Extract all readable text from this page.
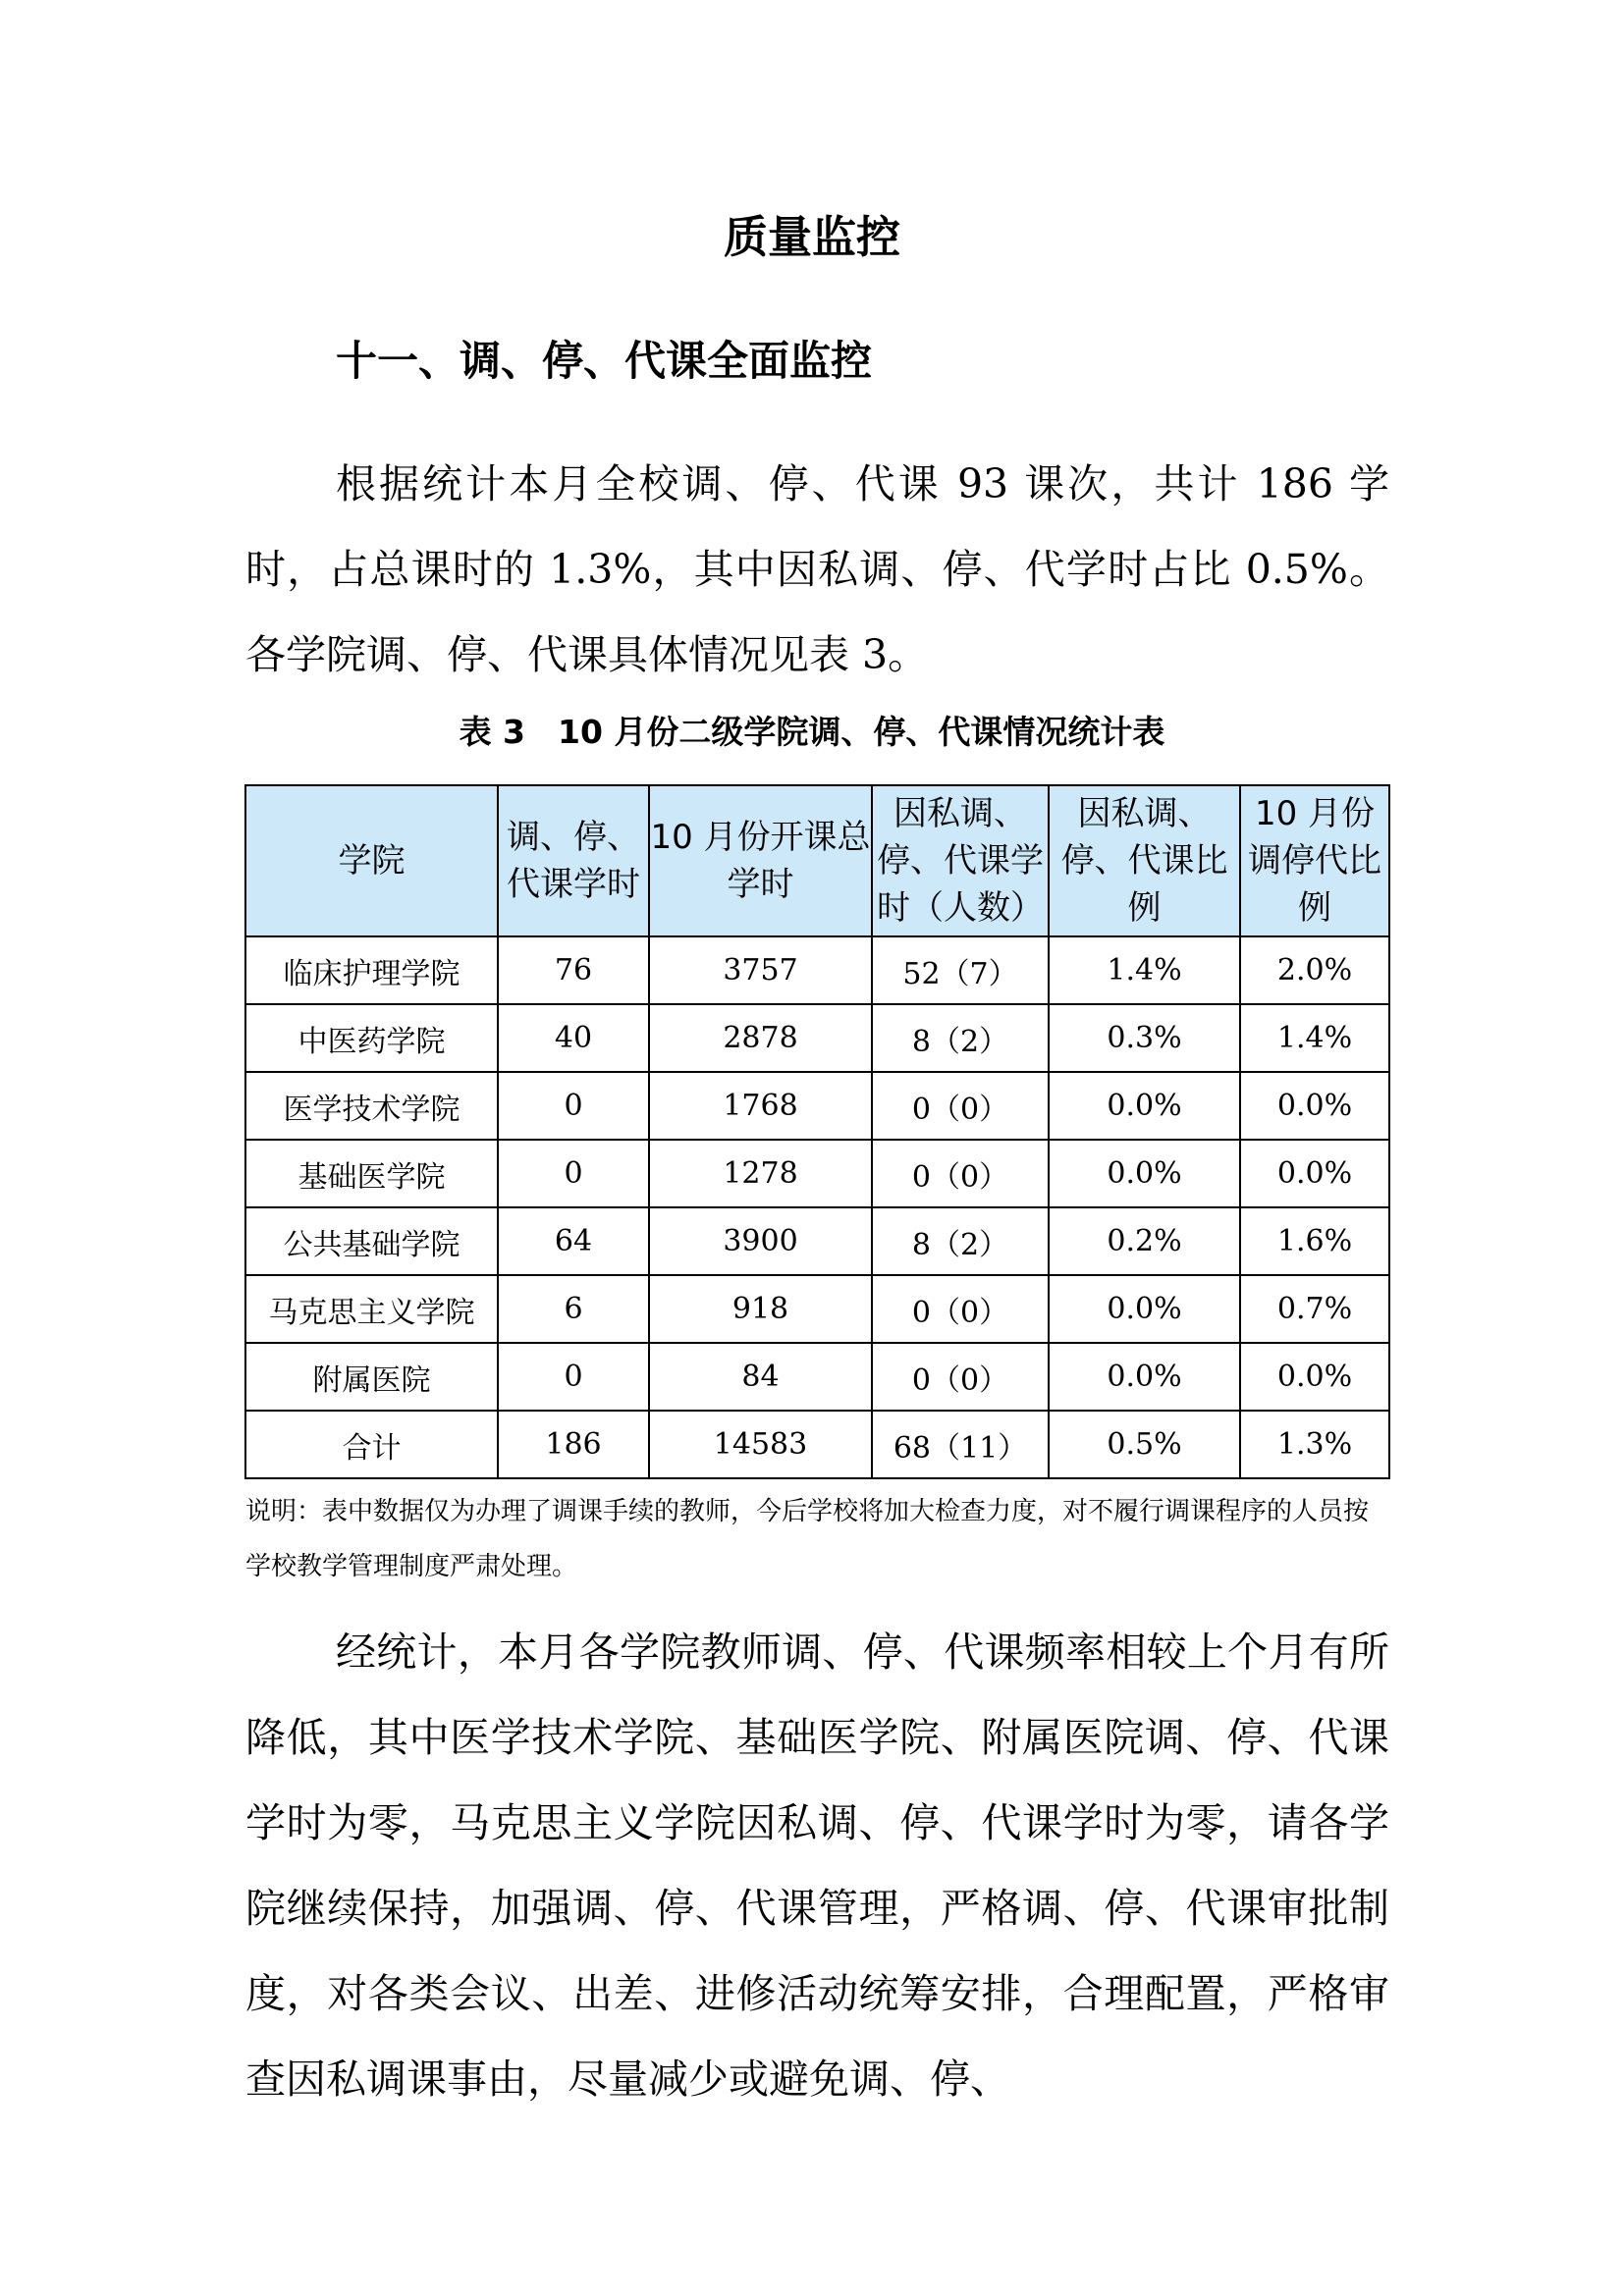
质量监控
十一、调、停、代课全面监控

根据统计本月全校调、停、代课 93 课次，共计 186 学时，占总课时的 1.3%，其中因私调、停、代学时占比 0.5%。各学院调、停、代课具体情况见表 3。

表 3　10 月份二级学院调、停、代课情况统计表
学院	调、停、代课学时	10 月份开课总学时	因私调、停、代课学时（人数）	因私调、停、代课比例	10 月份调停代比例
临床护理学院	76	3757	52（7）	1.4%	2.0%
中医药学院	40	2878	8（2）	0.3%	1.4%
医学技术学院	0	1768	0（0）	0.0%	0.0%
基础医学院	0	1278	0（0）	0.0%	0.0%
公共基础学院	64	3900	8（2）	0.2%	1.6%
马克思主义学院	6	918	0（0）	0.0%	0.7%
附属医院	0	84	0（0）	0.0%	0.0%
合计	186	14583	68（11）	0.5%	1.3%

说明：表中数据仅为办理了调课手续的教师，今后学校将加大检查力度，对不履行调课程序的人员按学校教学管理制度严肃处理。

经统计，本月各学院教师调、停、代课频率相较上个月有所降低，其中医学技术学院、基础医学院、附属医院调、停、代课学时为零，马克思主义学院因私调、停、代课学时为零，请各学院继续保持，加强调、停、代课管理，严格调、停、代课审批制度，对各类会议、出差、进修活动统筹安排，合理配置，严格审查因私调课事由，尽量减少或避免调、停、
